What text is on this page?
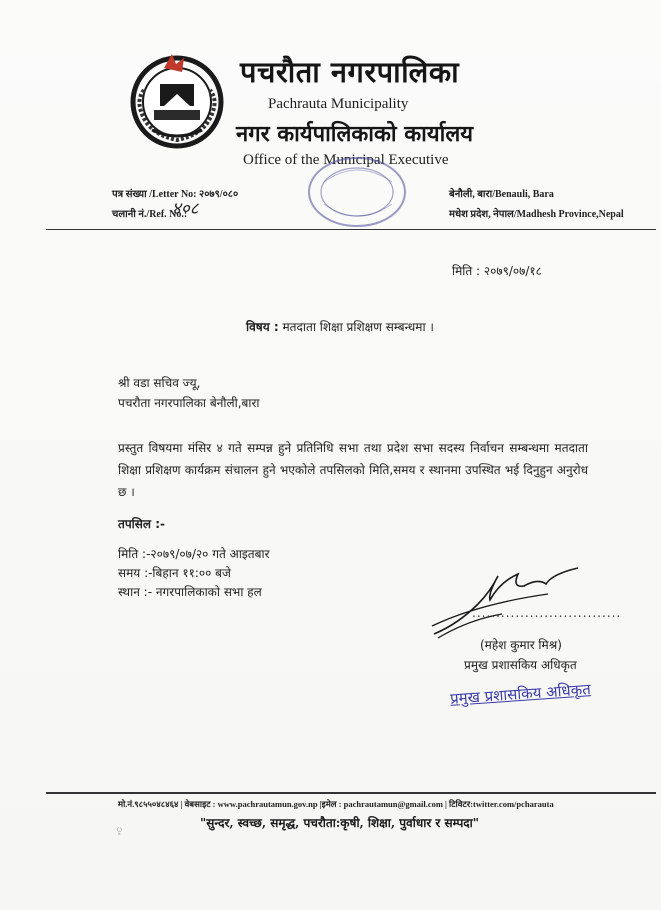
पचरौता नगरपालिका
Pachrauta Municipality
नगर कार्यपालिकाको कार्यालय
Office of the Municipal Executive
पत्र संख्या /Letter No: २०७९/०८०
चलानी नं./Ref. No.:
४०८
बेनौली, बारा/Benauli, Bara
मधेश प्रदेश, नेपाल/Madhesh Province,Nepal
मिति : २०७९/०७/१८
विषय : मतदाता शिक्षा प्रशिक्षण सम्बन्धमा ।
श्री वडा सचिव ज्यू,
पचरौता नगरपालिका बेनौली,बारा
प्रस्तुत विषयमा मंसिर ४ गते सम्पन्न हुने प्रतिनिधि सभा तथा प्रदेश सभा सदस्य निर्वाचन सम्बन्धमा मतदाता शिक्षा प्रशिक्षण कार्यक्रम संचालन हुने भएकोले तपसिलको मिति,समय र स्थानमा उपस्थित भई दिनुहुन अनुरोध छ ।
तपसिल :-
मिति :-२०७९/०७/२० गते आइतबार
समय :-बिहान ११:०० बजे
स्थान :- नगरपालिकाको सभा हल
...............................
(महेश कुमार मिश्र)
प्रमुख प्रशासकिय अधिकृत
प्रमुख प्रशासकिय अधिकृत
मो.नं.९८५५०४८४६४ | वेबसाइट : www.pachrautamun.gov.np |इमेल : pachrautamun@gmail.com | टिविटर:twitter.com/pcharauta
ৢ	"सुन्दर, स्वच्छ, समृद्ध, पचरौता:कृषी, शिक्षा, पुर्वाधार र सम्पदा"
